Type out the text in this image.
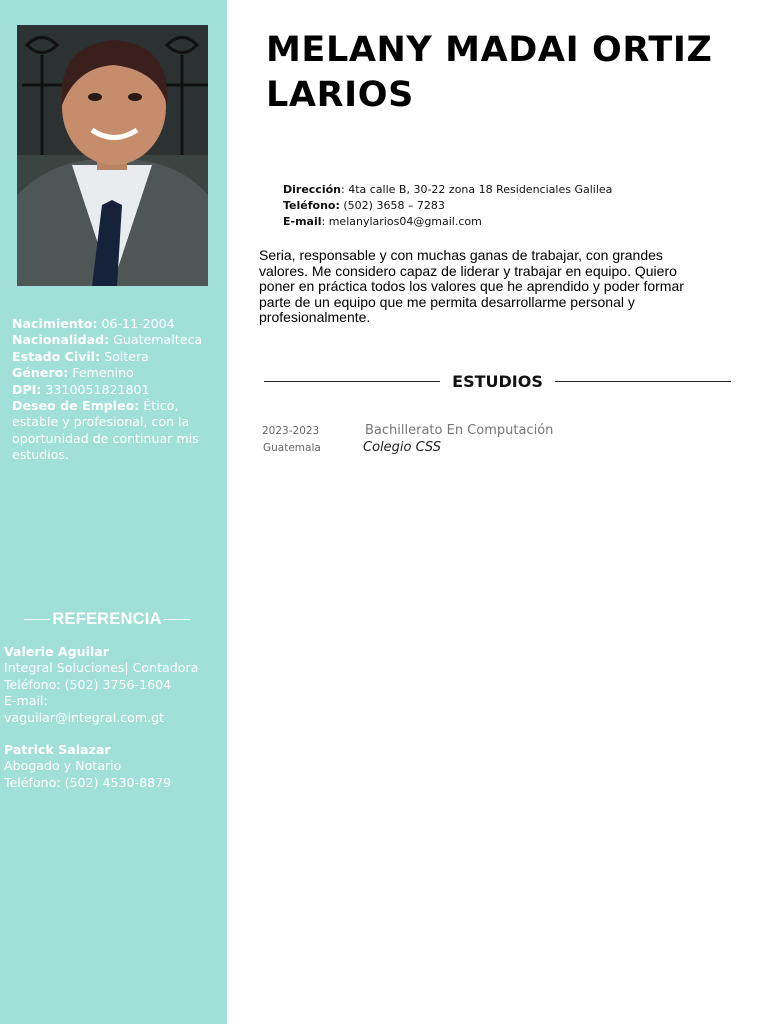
Nacimiento: 06-11-2004
Nacionalidad: Guatemalteca
Estado Civil: Soltera
Género: Femenino
DPI: 3310051821801
Deseo de Empleo: Ético, estable y profesional, con la oportunidad de continuar mis estudios.
REFERENCIA
Valerie Aguilar
Integral Soluciones| Contadora
Teléfono: (502) 3756-1604
E-mail:
vaguilar@integral.com.gt
Patrick Salazar
Abogado y Notario
Teléfono: (502) 4530-8879
MELANY MADAI ORTIZ LARIOS
Dirección: 4ta calle B, 30-22 zona 18 Residenciales Galilea
Teléfono: (502) 3658 – 7283
E-mail: melanylarios04@gmail.com

Seria, responsable y con muchas ganas de trabajar, con grandes valores. Me considero capaz de liderar y trabajar en equipo. Quiero poner en práctica todos los valores que he aprendido y poder formar parte de un equipo que me permita desarrollarme personal y profesionalmente.

ESTUDIOS
2023-2023
Guatemala
Bachillerato En Computación
Colegio CSS
